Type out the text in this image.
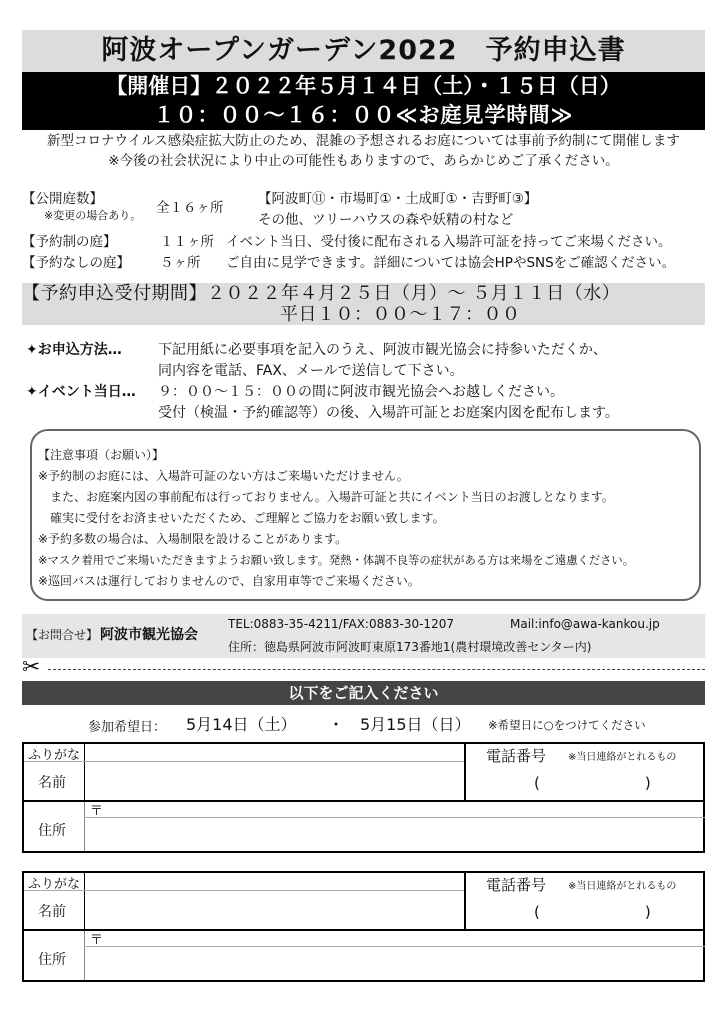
阿波オープンガーデン2022　予約申込書
【開催日】２０２２年５月１４日（土）・１５日（日）
１０：００～１６：００≪お庭見学時間≫
新型コロナウイルス感染症拡大防止のため、混雑の予想されるお庭については事前予約制にて開催します
※今後の社会状況により中止の可能性もありますので、あらかじめご了承ください。
【公開庭数】
※変更の場合あり。 全１６ヶ所
【阿波町⑪・市場町①・土成町①・吉野町③】
その他、ツリーハウスの森や妖精の村など
【予約制の庭】	１１ヶ所 イベント当日、受付後に配布される入場許可証を持ってご来場ください。
【予約なしの庭】 ５ヶ所 ご自由に見学できます。詳細については協会HPやSNSをご確認ください。
【予約申込受付期間】２０２２年４月２５日（月）～ ５月１１日（水）
平日１０：００～１７：００
✦お申込方法…	下記用紙に必要事項を記入のうえ、阿波市観光協会に持参いただくか、
同内容を電話、FAX、メールで送信して下さい。
✦イベント当日… ９：００～１５：００の間に阿波市観光協会へお越しください。
受付（検温・予約確認等）の後、入場許可証とお庭案内図を配布します。
【注意事項（お願い）】
※予約制のお庭には、入場許可証のない方はご来場いただけません。
　また、お庭案内図の事前配布は行っておりません。入場許可証と共にイベント当日のお渡しとなります。
　確実に受付をお済ませいただくため、ご理解とご協力をお願い致します。
※予約多数の場合は、入場制限を設けることがあります。
※マスク着用でご来場いただきますようお願い致します。発熱・体調不良等の症状がある方は来場をご遠慮ください。
※巡回バスは運行しておりませんので、自家用車等でご来場ください。
【お問合せ】 阿波市観光協会
TEL:0883-35-4211/FAX:0883-30-1207	Mail:info@awa-kankou.jp
住所：徳島県阿波市阿波町東原173番地1(農村環境改善センター内)
✂
以下をご記入ください
参加希望日： 5月14日（土） ・ 5月15日（日） ※希望日に○をつけてください
ふりがな
名前
住所
〒
電話番号 ※当日連絡がとれるもの
(　　　　　　　)
ふりがな
名前
住所
〒
電話番号 ※当日連絡がとれるもの
(　　　　　　　)
